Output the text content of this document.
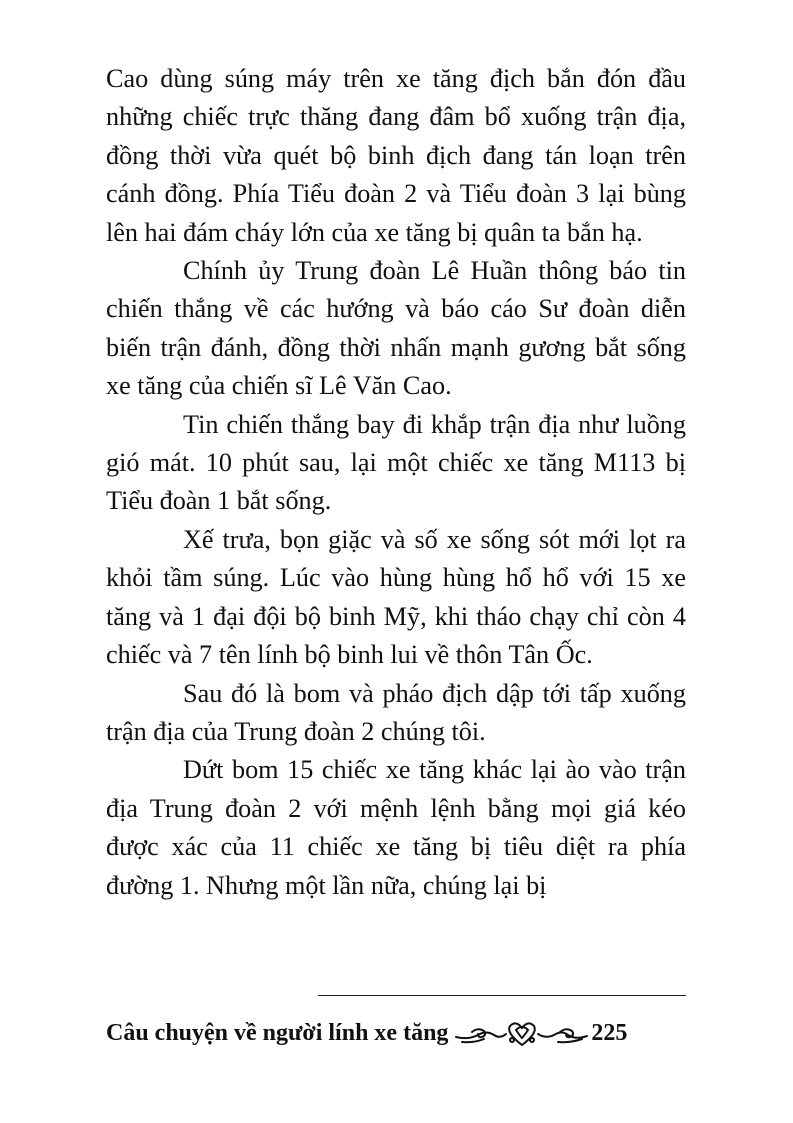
Cao dùng súng máy trên xe tăng địch bắn đón đầu những chiếc trực thăng đang đâm bổ xuống trận địa, đồng thời vừa quét bộ binh địch đang tán loạn trên cánh đồng. Phía Tiểu đoàn 2 và Tiểu đoàn 3 lại bùng lên hai đám cháy lớn của xe tăng bị quân ta bắn hạ.

Chính ủy Trung đoàn Lê Huần thông báo tin chiến thắng về các hướng và báo cáo Sư đoàn diễn biến trận đánh, đồng thời nhấn mạnh gương bắt sống xe tăng của chiến sĩ Lê Văn Cao.

Tin chiến thắng bay đi khắp trận địa như luồng gió mát. 10 phút sau, lại một chiếc xe tăng M113 bị Tiểu đoàn 1 bắt sống.

Xế trưa, bọn giặc và số xe sống sót mới lọt ra khỏi tầm súng. Lúc vào hùng hùng hổ hổ với 15 xe tăng và 1 đại đội bộ binh Mỹ, khi tháo chạy chỉ còn 4 chiếc và 7 tên lính bộ binh lui về thôn Tân Ốc.

Sau đó là bom và pháo địch dập tới tấp xuống trận địa của Trung đoàn 2 chúng tôi.

Dứt bom 15 chiếc xe tăng khác lại ào vào trận địa Trung đoàn 2 với mệnh lệnh bằng mọi giá kéo được xác của 11 chiếc xe tăng bị tiêu diệt ra phía đường 1. Nhưng một lần nữa, chúng lại bị

Câu chuyện về người lính xe tăng	225
